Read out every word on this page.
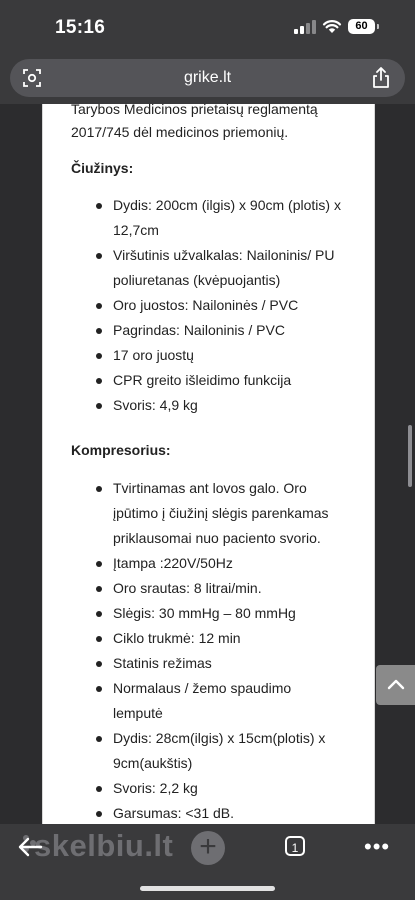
15:16	60
grike.lt
Tarybos Medicinos prietaisų reglamentą
2017/745 dėl medicinos priemonių.
Čiužinys:
Dydis: 200cm (ilgis) x 90cm (plotis) x
12,7cm
Viršutinis užvalkalas: Nailoninis/ PU
poliuretanas (kvėpuojantis)
Oro juostos: Nailoninės / PVC
Pagrindas: Nailoninis / PVC
17 oro juostų
CPR greito išleidimo funkcija
Svoris: 4,9 kg
Kompresorius:
Tvirtinamas ant lovos galo. Oro
įpūtimo į čiužinį slėgis parenkamas
priklausomai nuo paciento svorio.
Įtampa :220V/50Hz
Oro srautas: 8 litrai/min.
Slėgis: 30 mmHg – 80 mmHg
Ciklo trukmė: 12 min
Statinis režimas
Normalaus / žemo spaudimo
lemputė
Dydis: 28cm(ilgis) x 15cm(plotis) x
9cm(aukštis)
Svoris: 2,2 kg
Garsumas: <31 dB.
skelbiu.lt +	1	•••
